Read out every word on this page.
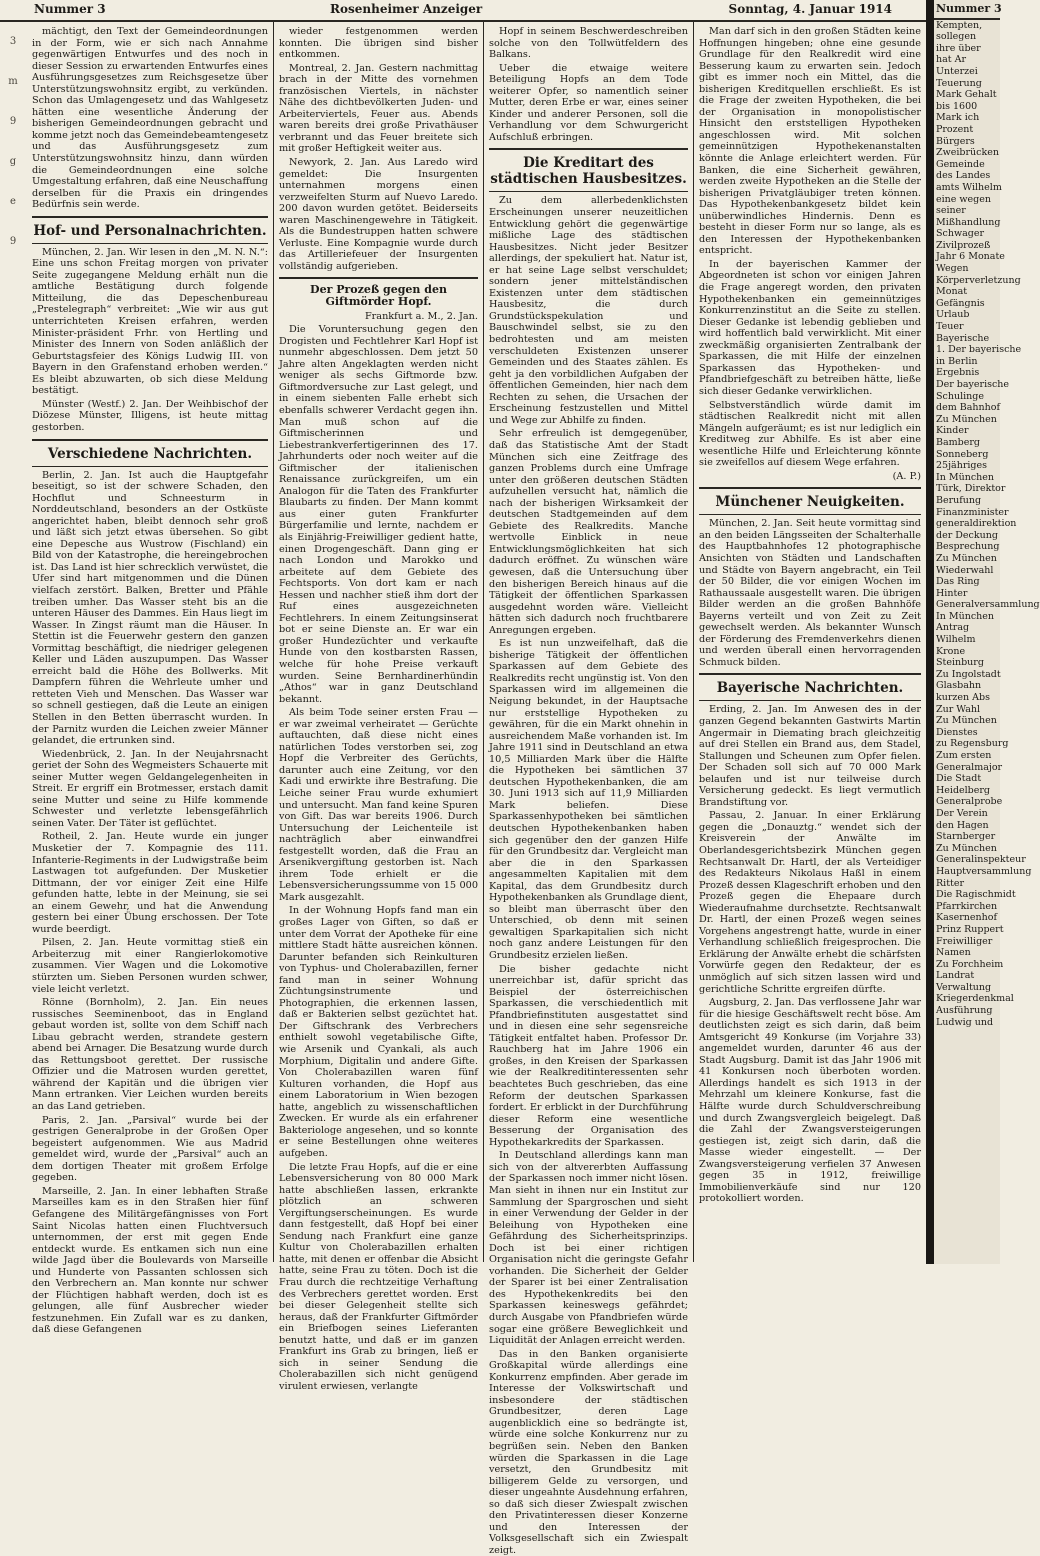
Nummer 3	Rosenheimer Anzeiger	Sonntag, 4. Januar 1914
3
m
9
g
e
9

mächtigt, den Text der Gemeindeordnungen in der Form, wie er sich nach Annahme gegenwärtigen Entwurfes und des noch in dieser Session zu erwartenden Entwurfes eines Ausführungsgesetzes zum Reichsgesetze über Unterstützungswohnsitz ergibt, zu verkünden. Schon das Umlagengesetz und das Wahlgesetz hätten eine wesentliche Änderung der bisherigen Gemeindeordnungen gebracht und komme jetzt noch das Gemeindebeamtengesetz und das Ausführungsgesetz zum Unterstützungswohnsitz hinzu, dann würden die Gemeindeordnungen eine solche Umgestaltung erfahren, daß eine Neuschaffung derselben für die Praxis ein dringendes Bedürfnis sein werde.

Hof- und Personalnachrichten.

München, 2. Jan. Wir lesen in den „M. N. N.“: Eine uns schon Freitag morgen von privater Seite zugegangene Meldung erhält nun die amtliche Bestätigung durch folgende Mitteilung, die das Depeschenbureau „Prestelegraph“ verbreitet: „Wie wir aus gut unterrichteten Kreisen erfahren, werden Minister-präsident Frhr. von Hertling und Minister des Innern von Soden anläßlich der Geburtstagsfeier des Königs Ludwig III. von Bayern in den Grafenstand erhoben werden.“ Es bleibt abzuwarten, ob sich diese Meldung bestätigt.

Münster (Westf.) 2. Jan. Der Weihbischof der Diözese Münster, Illigens, ist heute mittag gestorben.

Verschiedene Nachrichten.

Berlin, 2. Jan. Ist auch die Hauptgefahr beseitigt, so ist der schwere Schaden, den Hochflut und Schneesturm in Norddeutschland, besonders an der Ostküste angerichtet haben, bleibt dennoch sehr groß und läßt sich jetzt etwas übersehen. So gibt eine Depesche aus Wustrow (Fischland) ein Bild von der Katastrophe, die hereingebrochen ist. Das Land ist hier schrecklich verwüstet, die Ufer sind hart mitgenommen und die Dünen vielfach zerstört. Balken, Bretter und Pfähle treiben umher. Das Wasser steht bis an die unteren Häuser des Dammes. Ein Haus liegt im Wasser. In Zingst räumt man die Häuser. In Stettin ist die Feuerwehr gestern den ganzen Vormittag beschäftigt, die niedriger gelegenen Keller und Läden auszupumpen. Das Wasser erreicht bald die Höhe des Bollwerks. Mit Dampfern führen die Wehrleute umher und retteten Vieh und Menschen. Das Wasser war so schnell gestiegen, daß die Leute an einigen Stellen in den Betten überrascht wurden. In der Parnitz wurden die Leichen zweier Männer gelandet, die ertrunken sind.

Wiedenbrück, 2. Jan. In der Neujahrsnacht geriet der Sohn des Wegmeisters Schauerte mit seiner Mutter wegen Geldangelegenheiten in Streit. Er ergriff ein Brotmesser, erstach damit seine Mutter und seine zu Hilfe kommende Schwester und verletzte lebensgefährlich seinen Vater. Der Täter ist geflüchtet.

Rotheil, 2. Jan. Heute wurde ein junger Musketier der 7. Kompagnie des 111. Infanterie-Regiments in der Ludwigstraße beim Lastwagen tot aufgefunden. Der Musketier Dittmann, der vor einiger Zeit eine Hilfe gefunden hatte, lebte in der Meinung, sie sei an einem Gewehr, und hat die Anwendung gestern bei einer Übung erschossen. Der Tote wurde beerdigt.

Pilsen, 2. Jan. Heute vormittag stieß ein Arbeiterzug mit einer Rangierlokomotive zusammen. Vier Wagen und die Lokomotive stürzten um. Sieben Personen wurden schwer, viele leicht verletzt.

Rönne (Bornholm), 2. Jan. Ein neues russisches Seeminenboot, das in England gebaut worden ist, sollte von dem Schiff nach Libau gebracht werden, strandete gestern abend bei Arnager. Die Besatzung wurde durch das Rettungsboot gerettet. Der russische Offizier und die Matrosen wurden gerettet, während der Kapitän und die übrigen vier Mann ertranken. Vier Leichen wurden bereits an das Land getrieben.

Paris, 2. Jan. „Parsival“ wurde bei der gestrigen Generalprobe in der Großen Oper begeistert aufgenommen. Wie aus Madrid gemeldet wird, wurde der „Parsival“ auch an dem dortigen Theater mit großem Erfolge gegeben.

Marseille, 2. Jan. In einer lebhaften Straße Marseilles kam es in den Straßen hier fünf Gefangene des Militärgefängnisses von Fort Saint Nicolas hatten einen Fluchtversuch unternommen, der erst mit gegen Ende entdeckt wurde. Es entkamen sich nun eine wilde Jagd über die Boulevards von Marseille und Hunderte von Passanten schlossen sich den Verbrechern an. Man konnte nur schwer der Flüchtigen habhaft werden, doch ist es gelungen, alle fünf Ausbrecher wieder festzunehmen. Ein Zufall war es zu danken, daß diese Gefangenen

wieder festgenommen werden konnten. Die übrigen sind bisher entkommen.

Montreal, 2. Jan. Gestern nachmittag brach in der Mitte des vornehmen französischen Viertels, in nächster Nähe des dichtbevölkerten Juden- und Arbeiterviertels, Feuer aus. Abends waren bereits drei große Privathäuser verbrannt und das Feuer breitete sich mit großer Heftigkeit weiter aus.

Newyork, 2. Jan. Aus Laredo wird gemeldet: Die Insurgenten unternahmen morgens einen verzweifelten Sturm auf Nuevo Laredo. 200 davon wurden getötet. Beiderseits waren Maschinengewehre in Tätigkeit. Als die Bundestruppen hatten schwere Verluste. Eine Kompagnie wurde durch das Artilleriefeuer der Insurgenten vollständig aufgerieben.

Der Prozeß gegen den Giftmörder Hopf.

Frankfurt a. M., 2. Jan.

Die Voruntersuchung gegen den Drogisten und Fechtlehrer Karl Hopf ist nunmehr abgeschlossen. Dem jetzt 50 Jahre alten Angeklagten werden nicht weniger als sechs Giftmorde bzw. Giftmordversuche zur Last gelegt, und in einem siebenten Falle erhebt sich ebenfalls schwerer Verdacht gegen ihn. Man muß schon auf die Giftmischerinnen und Liebestrankverfertigerinnen des 17. Jahrhunderts oder noch weiter auf die Giftmischer der italienischen Renaissance zurückgreifen, um ein Analogon für die Taten des Frankfurter Blaubarts zu finden. Der Mann kommt aus einer guten Frankfurter Bürgerfamilie und lernte, nachdem er als Einjährig-Freiwilliger gedient hatte, einen Drogengeschäft. Dann ging er nach London und Marokko und arbeitete auf dem Gebiete des Fechtsports. Von dort kam er nach Hessen und nachher stieß ihm dort der Ruf eines ausgezeichneten Fechtlehrers. In einem Zeitungsinserat bot er seine Dienste an. Er war ein großer Hundezüchter und verkaufte Hunde von den kostbarsten Rassen, welche für hohe Preise verkauft wurden. Seine Bernhardinerhündin „Athos“ war in ganz Deutschland bekannt.

Als beim Tode seiner ersten Frau — er war zweimal verheiratet — Gerüchte auftauchten, daß diese nicht eines natürlichen Todes verstorben sei, zog Hopf die Verbreiter des Gerüchts, darunter auch eine Zeitung, vor den Kadi und erwirkte ihre Bestrafung. Die Leiche seiner Frau wurde exhumiert und untersucht. Man fand keine Spuren von Gift. Das war bereits 1906. Durch Untersuchung der Leichenteile ist nachträglich aber einwandfrei festgestellt worden, daß die Frau an Arsenikvergiftung gestorben ist. Nach ihrem Tode erhielt er die Lebensversicherungssumme von 15 000 Mark ausgezahlt.

In der Wohnung Hopfs fand man ein großes Lager von Giften, so daß er unter dem Vorrat der Apotheke für eine mittlere Stadt hätte ausreichen können. Darunter befanden sich Reinkulturen von Typhus- und Cholerabazillen, ferner fand man in seiner Wohnung Züchtungsinstrumente und Photographien, die erkennen lassen, daß er Bakterien selbst gezüchtet hat. Der Giftschrank des Verbrechers enthielt sowohl vegetabilische Gifte, wie Arsenik und Cyankali, als auch Morphium, Digitalin und andere Gifte. Von Cholerabazillen waren fünf Kulturen vorhanden, die Hopf aus einem Laboratorium in Wien bezogen hatte, angeblich zu wissenschaftlichen Zwecken. Er wurde als ein erfahrener Bakteriologe angesehen, und so konnte er seine Bestellungen ohne weiteres aufgeben.

Die letzte Frau Hopfs, auf die er eine Lebensversicherung von 80 000 Mark hatte abschließen lassen, erkrankte plötzlich an schweren Vergiftungserscheinungen. Es wurde dann festgestellt, daß Hopf bei einer Sendung nach Frankfurt eine ganze Kultur von Cholerabazillen erhalten hatte, mit denen er offenbar die Absicht hatte, seine Frau zu töten. Doch ist die Frau durch die rechtzeitige Verhaftung des Verbrechers gerettet worden. Erst bei dieser Gelegenheit stellte sich heraus, daß der Frankfurter Giftmörder ein Briefbogen seines Lieferanten benutzt hatte, und daß er im ganzen Frankfurt ins Grab zu bringen, ließ er sich in seiner Sendung die Cholerabazillen sich nicht genügend virulent erwiesen, verlangte

Hopf in seinem Beschwerdeschreiben solche von den Tollwütfeldern des Balkans.

Ueber die etwaige weitere Beteiligung Hopfs an dem Tode weiterer Opfer, so namentlich seiner Mutter, deren Erbe er war, eines seiner Kinder und anderer Personen, soll die Verhandlung vor dem Schwurgericht Aufschluß erbringen.

Die Kreditart des städtischen Hausbesitzes.

Zu dem allerbedenklichsten Erscheinungen unserer neuzeitlichen Entwicklung gehört die gegenwärtige mißliche Lage des städtischen Hausbesitzes. Nicht jeder Besitzer allerdings, der spekuliert hat. Natur ist, er hat seine Lage selbst verschuldet; sondern jener mittelständischen Existenzen unter dem städtischen Hausbesitz, die durch Grundstückspekulation und Bauschwindel selbst, sie zu den bedrohtesten und am meisten verschuldeten Existenzen unserer Gemeinden und des Staates zählen. Es geht ja den vorbildlichen Aufgaben der öffentlichen Gemeinden, hier nach dem Rechten zu sehen, die Ursachen der Erscheinung festzustellen und Mittel und Wege zur Abhilfe zu finden.

Sehr erfreulich ist demgegenüber, daß das Statistische Amt der Stadt München sich eine Zeitfrage des ganzen Problems durch eine Umfrage unter den größeren deutschen Städten aufzuhellen versucht hat, nämlich die nach der bisherigen Wirksamkeit der deutschen Stadtgemeinden auf dem Gebiete des Realkredits. Manche wertvolle Einblick in neue Entwicklungsmöglichkeiten hat sich dadurch eröffnet. Zu wünschen wäre gewesen, daß die Untersuchung über den bisherigen Bereich hinaus auf die Tätigkeit der öffentlichen Sparkassen ausgedehnt worden wäre. Vielleicht hätten sich dadurch noch fruchtbarere Anregungen ergeben.

Es ist nun unzweifelhaft, daß die bisherige Tätigkeit der öffentlichen Sparkassen auf dem Gebiete des Realkredits recht ungünstig ist. Von den Sparkassen wird im allgemeinen die Neigung bekundet, in der Hauptsache nur erststellige Hypotheken zu gewähren, für die ein Markt ohnehin in ausreichendem Maße vorhanden ist. Im Jahre 1911 sind in Deutschland an etwa 10,5 Milliarden Mark über die Hälfte die Hypotheken bei sämtlichen 37 deutschen Hypothekenbanken, die am 30. Juni 1913 sich auf 11,9 Milliarden Mark beliefen. Diese Sparkassenhypotheken bei sämtlichen deutschen Hypothekenbanken haben sich gegenüber den der ganzen Hilfe für den Grundbesitz dar. Vergleicht man aber die in den Sparkassen angesammelten Kapitalien mit dem Kapital, das dem Grundbesitz durch Hypothekenbanken als Grundlage dient, so bleibt man überrascht über den Unterschied, ob denn mit seinen gewaltigen Sparkapitalien sich nicht noch ganz andere Leistungen für den Grundbesitz erzielen ließen.

Die bisher gedachte nicht unerreichbar ist, dafür spricht das Beispiel der österreichischen Sparkassen, die verschiedentlich mit Pfandbriefinstituten ausgestattet sind und in diesen eine sehr segensreiche Tätigkeit entfaltet haben. Professor Dr. Rauchberg hat im Jahre 1906 ein großes, in den Kreisen der Sparkassen wie der Realkreditinteressenten sehr beachtetes Buch geschrieben, das eine Reform der deutschen Sparkassen fordert. Er erblickt in der Durchführung dieser Reform eine wesentliche Besserung der Organisation des Hypothekarkredits der Sparkassen.

In Deutschland allerdings kann man sich von der altvererbten Auffassung der Sparkassen noch immer nicht lösen. Man sieht in ihnen nur ein Institut zur Sammlung der Spargroschen und sieht in einer Verwendung der Gelder in der Beleihung von Hypotheken eine Gefährdung des Sicherheitsprinzips. Doch ist bei einer richtigen Organisation nicht die geringste Gefahr vorhanden. Die Sicherheit der Gelder der Sparer ist bei einer Zentralisation des Hypothekenkredits bei den Sparkassen keineswegs gefährdet; durch Ausgabe von Pfandbriefen würde sogar eine größere Beweglichkeit und Liquidität der Anlagen erreicht werden.

Das in den Banken organisierte Großkapital würde allerdings eine Konkurrenz empfinden. Aber gerade im Interesse der Volkswirtschaft und insbesondere der städtischen Grundbesitzer, deren Lage augenblicklich eine so bedrängte ist, würde eine solche Konkurrenz nur zu begrüßen sein. Neben den Banken würden die Sparkassen in die Lage versetzt, den Grundbesitz mit billigerem Gelde zu versorgen, und dieser ungeahnte Ausdehnung erfahren, so daß sich dieser Zwiespalt zwischen den Privatinteressen dieser Konzerne und den Interessen der Volksgesellschaft sich ein Zwiespalt zeigt.

Man darf sich in den großen Städten keine Hoffnungen hingeben; ohne eine gesunde Grundlage für den Realkredit wird eine Besserung kaum zu erwarten sein. Jedoch gibt es immer noch ein Mittel, das die bisherigen Kreditquellen erschließt. Es ist die Frage der zweiten Hypotheken, die bei der Organisation in monopolistischer Hinsicht den erststelligen Hypotheken angeschlossen wird. Mit solchen gemeinnützigen Hypothekenanstalten könnte die Anlage erleichtert werden. Für Banken, die eine Sicherheit gewähren, werden zweite Hypotheken an die Stelle der bisherigen Privatgläubiger treten können. Das Hypothekenbankgesetz bildet kein unüberwindliches Hindernis. Denn es besteht in dieser Form nur so lange, als es den Interessen der Hypothekenbanken entspricht.

In der bayerischen Kammer der Abgeordneten ist schon vor einigen Jahren die Frage angeregt worden, den privaten Hypothekenbanken ein gemeinnütziges Konkurrenzinstitut an die Seite zu stellen. Dieser Gedanke ist lebendig geblieben und wird hoffentlich bald verwirklicht. Mit einer zweckmäßig organisierten Zentralbank der Sparkassen, die mit Hilfe der einzelnen Sparkassen das Hypotheken- und Pfandbriefgeschäft zu betreiben hätte, ließe sich dieser Gedanke verwirklichen.

Selbstverständlich würde damit im städtischen Realkredit nicht mit allen Mängeln aufgeräumt; es ist nur lediglich ein Kreditweg zur Abhilfe. Es ist aber eine wesentliche Hilfe und Erleichterung könnte sie zweifellos auf diesem Wege erfahren.

(A. P.)

Münchener Neuigkeiten.

München, 2. Jan. Seit heute vormittag sind an den beiden Längsseiten der Schalterhalle des Hauptbahnhofes 12 photographische Ansichten von Städten und Landschaften und Städte von Bayern angebracht, ein Teil der 50 Bilder, die vor einigen Wochen im Rathaussaale ausgestellt waren. Die übrigen Bilder werden an die großen Bahnhöfe Bayerns verteilt und von Zeit zu Zeit gewechselt werden. Als bekannter Wunsch der Förderung des Fremdenverkehrs dienen und werden überall einen hervorragenden Schmuck bilden.

Bayerische Nachrichten.

Erding, 2. Jan. Im Anwesen des in der ganzen Gegend bekannten Gastwirts Martin Angermair in Diemating brach gleichzeitig auf drei Stellen ein Brand aus, dem Stadel, Stallungen und Scheunen zum Opfer fielen. Der Schaden soll sich auf 70 000 Mark belaufen und ist nur teilweise durch Versicherung gedeckt. Es liegt vermutlich Brandstiftung vor.

Passau, 2. Januar. In einer Erklärung gegen die „Donauztg.“ wendet sich der Kreisverein der Anwälte im Oberlandesgerichtsbezirk München gegen Rechtsanwalt Dr. Hartl, der als Verteidiger des Redakteurs Nikolaus Haßl in einem Prozeß dessen Klageschrift erhoben und den Prozeß gegen die Ehepaare durch Wiederaufnahme durchsetzte. Rechtsanwalt Dr. Hartl, der einen Prozeß wegen seines Vorgehens angestrengt hatte, wurde in einer Verhandlung schließlich freigesprochen. Die Erklärung der Anwälte erhebt die schärfsten Vorwürfe gegen den Redakteur, der es unmöglich auf sich sitzen lassen wird und gerichtliche Schritte ergreifen dürfte.

Augsburg, 2. Jan. Das verflossene Jahr war für die hiesige Geschäftswelt recht böse. Am deutlichsten zeigt es sich darin, daß beim Amtsgericht 49 Konkurse (im Vorjahre 33) angemeldet wurden, darunter 46 aus der Stadt Augsburg. Damit ist das Jahr 1906 mit 41 Konkursen noch überboten worden. Allerdings handelt es sich 1913 in der Mehrzahl um kleinere Konkurse, fast die Hälfte wurde durch Schuldverschreibung und durch Zwangsvergleich beigelegt. Daß die Zahl der Zwangsversteigerungen gestiegen ist, zeigt sich darin, daß die Masse wieder eingestellt. — Der Zwangsversteigerung verfielen 37 Anwesen gegen 35 in 1912, freiwillige Immobilienverkäufe sind nur 120 protokolliert worden.

Nummer 3
Kempten,
sollegen
ihre über
hat Ar
Unterzei
Teuerung
Mark Gehalt
bis 1600
Mark ich
Prozent
Bürgers
Zweibrücken
Gemeinde
des Landes
amts Wilhelm
eine wegen
seiner
Mißhandlung
Schwager
Zivilprozeß
Jahr 6 Monate
Wegen
Körperverletzung
Monat
Gefängnis
Urlaub
Teuer
Bayerische
1. Der bayerische
in Berlin
Ergebnis
Der bayerische
Schulinge
dem Bahnhof
Zu München
Kinder
Bamberg
Sonneberg
25jähriges
In München
Türk, Direktor
Berufung
Finanzminister
generaldirektion
der Deckung
Besprechung
Zu München
Wiederwahl
Das Ring
Hinter
Generalversammlung
In München
Antrag
Wilhelm
Krone
Steinburg
Zu Ingolstadt
Glasbahn
kurzen Abs
Zur Wahl
Zu München
Dienstes
zu Regensburg
Zum ersten
Generalmajor
Die Stadt
Heidelberg
Generalprobe
Der Verein
den Hagen
Starnberger
Zu München
Generalinspekteur
Hauptversammlung
Ritter
Die Ragischmidt
Pfarrkirchen
Kasernenhof
Prinz Ruppert
Freiwilliger
Namen
Zu Forchheim
Landrat
Verwaltung
Kriegerdenkmal
Ausführung
Ludwig und
